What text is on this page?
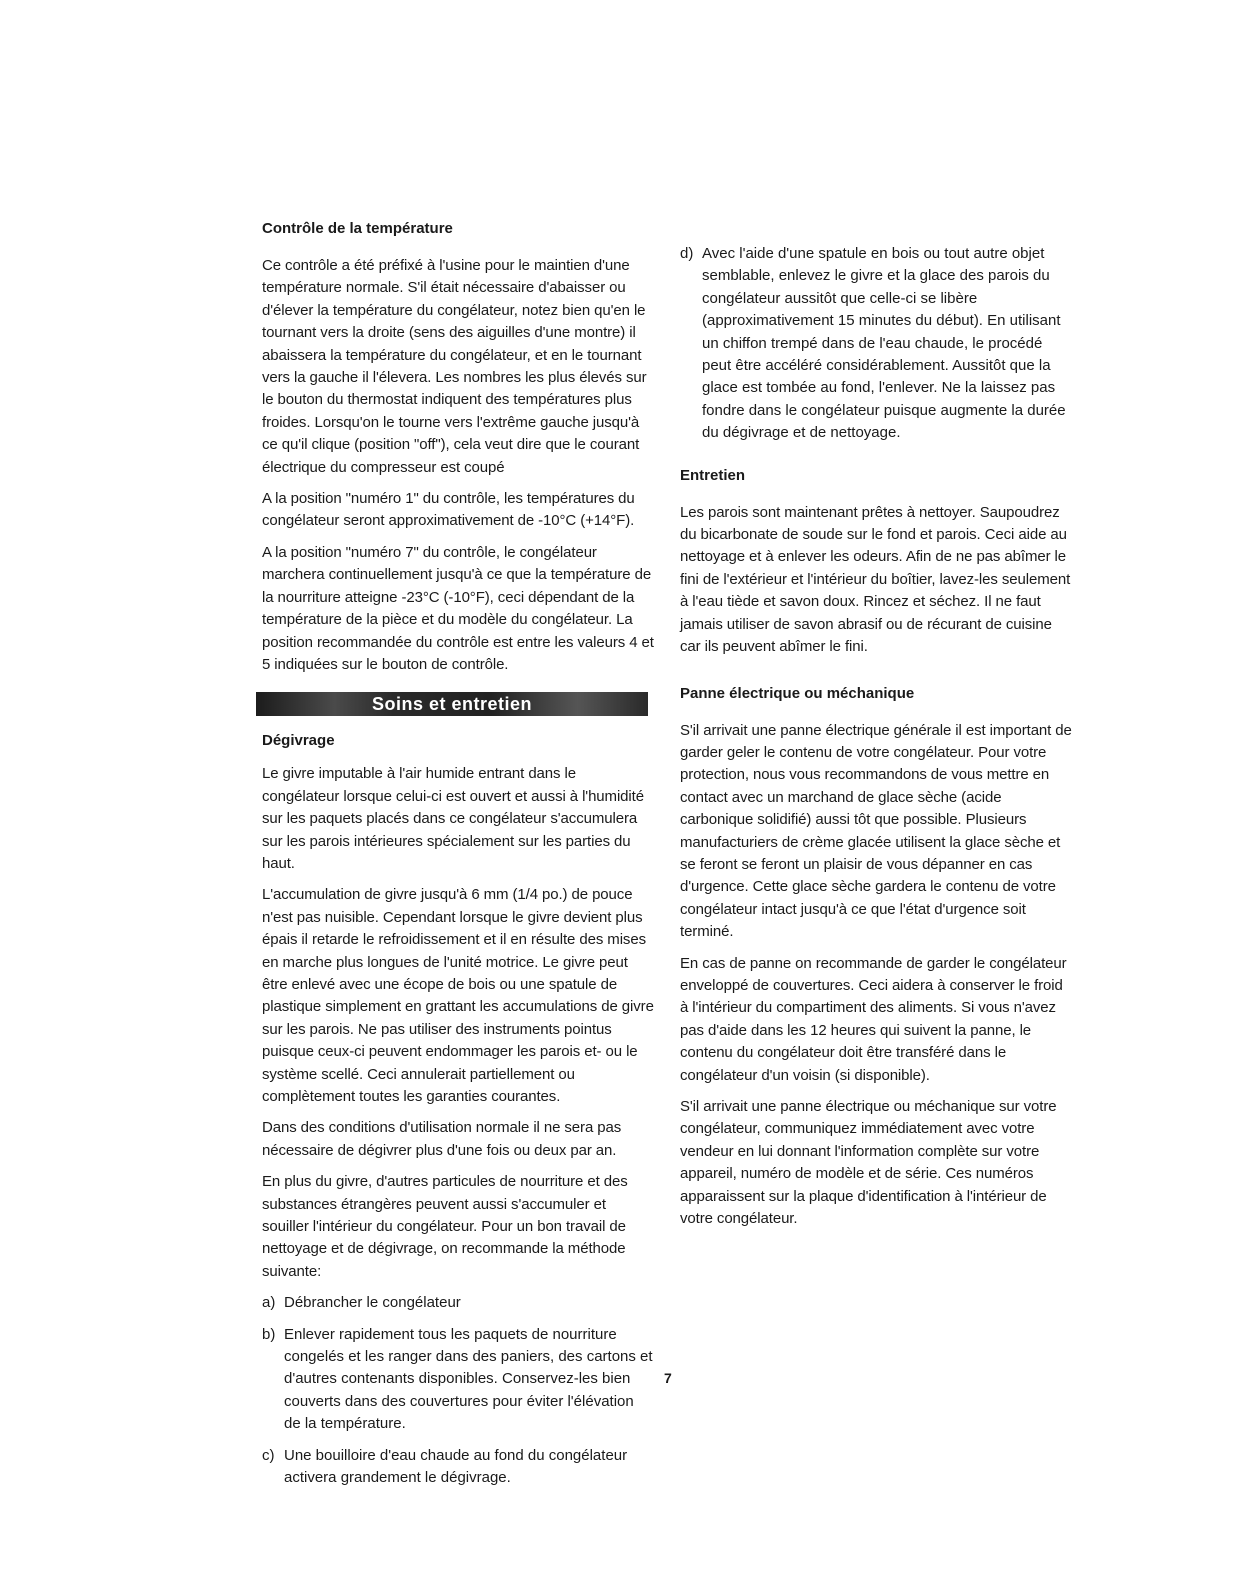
Contrôle de la température

Ce contrôle a été préfixé à l'usine pour le maintien d'une température normale. S'il était nécessaire d'abaisser ou d'élever la température du congélateur, notez bien qu'en le tournant vers la droite (sens des aiguilles d'une montre) il abaissera la température du congélateur, et en le tournant vers la gauche il l'élevera. Les nombres les plus élevés sur le bouton du thermostat indiquent des températures plus froides. Lorsqu'on le tourne vers l'extrême gauche jusqu'à ce qu'il clique (position "off"), cela veut dire que le courant électrique du compresseur est coupé

A la position "numéro 1" du contrôle, les températures du congélateur seront approximativement de -10°C (+14°F).

A la position "numéro 7" du contrôle, le congélateur marchera continuellement jusqu'à ce que la température de la nourriture atteigne -23°C (-10°F), ceci dépendant de la température de la pièce et du modèle du congélateur. La position recommandée du contrôle est entre les valeurs 4 et 5 indiquées sur le bouton de contrôle.

Soins et entretien
Dégivrage

Le givre imputable à l'air humide entrant dans le congélateur lorsque celui-ci est ouvert et aussi à l'humidité sur les paquets placés dans ce congélateur s'accumulera sur les parois intérieures spécialement sur les parties du haut.

L'accumulation de givre jusqu'à 6 mm (1/4 po.) de pouce n'est pas nuisible. Cependant lorsque le givre devient plus épais il retarde le refroidissement et il en résulte des mises en marche plus longues de l'unité motrice. Le givre peut être enlevé avec une écope de bois ou une spatule de plastique simplement en grattant les accumulations de givre sur les parois. Ne pas utiliser des instruments pointus puisque ceux-ci peuvent endommager les parois et- ou le système scellé. Ceci annulerait partiellement ou complètement toutes les garanties courantes.

Dans des conditions d'utilisation normale il ne sera pas nécessaire de dégivrer plus d'une fois ou deux par an.

En plus du givre, d'autres particules de nourriture et des substances étrangères peuvent aussi s'accumuler et souiller l'intérieur du congélateur. Pour un bon travail de nettoyage et de dégivrage, on recommande la méthode suivante:

a) Débrancher le congélateur
b) Enlever rapidement tous les paquets de nourriture congelés et les ranger dans des paniers, des cartons et d'autres contenants disponibles. Conservez-les bien couverts dans des couvertures pour éviter l'élévation de la température.
c) Une bouilloire d'eau chaude au fond du congélateur activera grandement le dégivrage.
d) Avec l'aide d'une spatule en bois ou tout autre objet semblable, enlevez le givre et la glace des parois du congélateur aussitôt que celle-ci se libère (approximativement 15 minutes du début). En utilisant un chiffon trempé dans de l'eau chaude, le procédé peut être accéléré considérablement. Aussitôt que la glace est tombée au fond, l'enlever. Ne la laissez pas fondre dans le congélateur puisque augmente la durée du dégivrage et de nettoyage.
Entretien

Les parois sont maintenant prêtes à nettoyer. Saupoudrez du bicarbonate de soude sur le fond et parois. Ceci aide au nettoyage et à enlever les odeurs. Afin de ne pas abîmer le fini de l'extérieur et l'intérieur du boîtier, lavez-les seulement à l'eau tiède et savon doux. Rincez et séchez. Il ne faut jamais utiliser de savon abrasif ou de récurant de cuisine car ils peuvent abîmer le fini.

Panne électrique ou méchanique

S'il arrivait une panne électrique générale il est important de garder geler le contenu de votre congélateur. Pour votre protection, nous vous recommandons de vous mettre en contact avec un marchand de glace sèche (acide carbonique solidifié) aussi tôt que possible. Plusieurs manufacturiers de crème glacée utilisent la glace sèche et se feront se feront un plaisir de vous dépanner en cas d'urgence. Cette glace sèche gardera le contenu de votre congélateur intact jusqu'à ce que l'état d'urgence soit terminé.

En cas de panne on recommande de garder le congélateur enveloppé de couvertures. Ceci aidera à conserver le froid à l'intérieur du compartiment des aliments. Si vous n'avez pas d'aide dans les 12 heures qui suivent la panne, le contenu du congélateur doit être transféré dans le congélateur d'un voisin (si disponible).

S'il arrivait une panne électrique ou méchanique sur votre congélateur, communiquez immédiatement avec votre vendeur en lui donnant l'information complète sur votre appareil, numéro de modèle et de série. Ces numéros apparaissent sur la plaque d'identification à l'intérieur de votre congélateur.

7
